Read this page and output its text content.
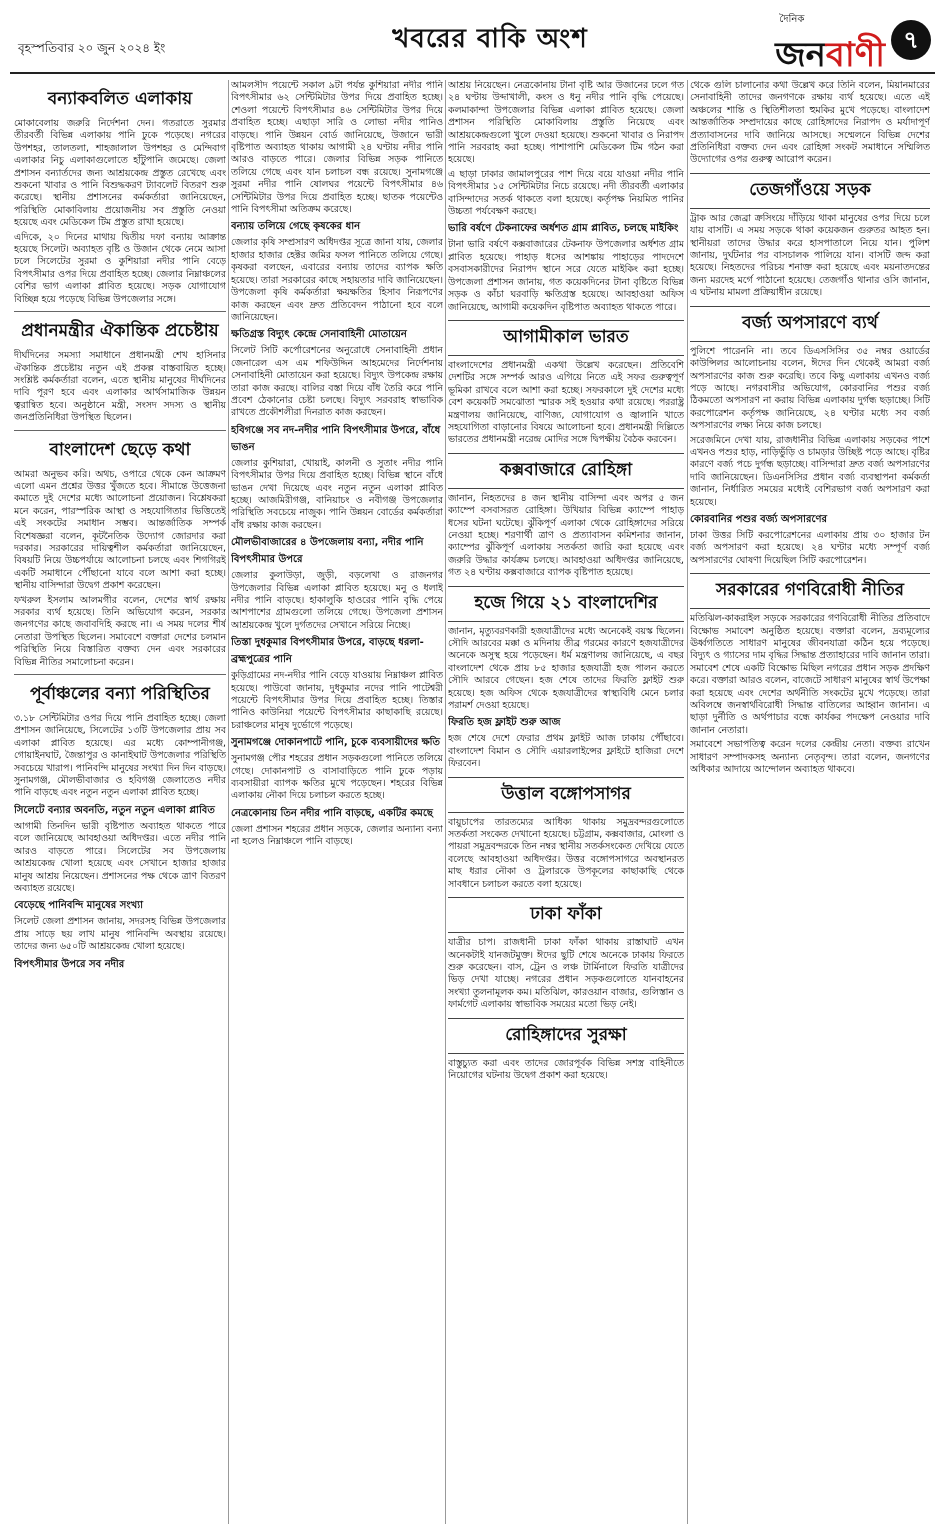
বৃহস্পতিবার ২০ জুন ২০২৪ ইং	খবরের বাকি অংশ
দৈনিক
জনবাণী ৭
বন্যাকবলিত এলাকায়

মোকাবেলায় জরুরি নির্দেশনা দেন। গতরাতে সুরমার তীরবর্তী বিভিন্ন এলাকায় পানি ঢুকে পড়েছে। নগরের উপশহর, তালতলা, শাহজালাল উপশহর ও মেন্দিবাগ এলাকার নিচু এলাকাগুলোতে হাঁটুপানি জমেছে। জেলা প্রশাসন বন্যার্তদের জন্য আশ্রয়কেন্দ্র প্রস্তুত রেখেছে এবং শুকনো খাবার ও পানি বিশুদ্ধকরণ ট্যাবলেট বিতরণ শুরু করেছে। স্থানীয় প্রশাসনের কর্মকর্তারা জানিয়েছেন, পরিস্থিতি মোকাবিলায় প্রয়োজনীয় সব প্রস্তুতি নেওয়া হয়েছে এবং মেডিকেল টিম প্রস্তুত রাখা হয়েছে।

এদিকে, ২০ দিনের মাথায় দ্বিতীয় দফা বন্যায় আক্রান্ত হয়েছে সিলেট। অব্যাহত বৃষ্টি ও উজান থেকে নেমে আসা ঢলে সিলেটের সুরমা ও কুশিয়ারা নদীর পানি বেড়ে বিপৎসীমার ওপর দিয়ে প্রবাহিত হচ্ছে। জেলার নিম্নাঞ্চলের বেশির ভাগ এলাকা প্লাবিত হয়েছে। সড়ক যোগাযোগ বিচ্ছিন্ন হয়ে পড়েছে বিভিন্ন উপজেলার সঙ্গে।

প্রধানমন্ত্রীর ঐকান্তিক প্রচেষ্টায়

দীর্ঘদিনের সমস্যা সমাধানে প্রধানমন্ত্রী শেখ হাসিনার ঐকান্তিক প্রচেষ্টায় নতুন এই প্রকল্প বাস্তবায়িত হচ্ছে। সংশ্লিষ্ট কর্মকর্তারা বলেন, এতে স্থানীয় মানুষের দীর্ঘদিনের দাবি পূরণ হবে এবং এলাকার আর্থসামাজিক উন্নয়ন ত্বরান্বিত হবে। অনুষ্ঠানে মন্ত্রী, সংসদ সদস্য ও স্থানীয় জনপ্রতিনিধিরা উপস্থিত ছিলেন।

বাংলাদেশ ছেড়ে কথা

আমরা অনুভব করি। অথচ, ওপারে থেকে কেন আক্রমণ এলো এমন প্রশ্নের উত্তর খুঁজতে হবে। সীমান্তে উত্তেজনা কমাতে দুই দেশের মধ্যে আলোচনা প্রয়োজন। বিশ্লেষকরা মনে করেন, পারস্পরিক আস্থা ও সহযোগিতার ভিত্তিতেই এই সংকটের সমাধান সম্ভব। আন্তর্জাতিক সম্পর্ক বিশেষজ্ঞরা বলেন, কূটনৈতিক উদ্যোগ জোরদার করা দরকার। সরকারের দায়িত্বশীল কর্মকর্তারা জানিয়েছেন, বিষয়টি নিয়ে উচ্চপর্যায়ে আলোচনা চলছে এবং শিগগিরই একটি সমাধানে পৌঁছানো যাবে বলে আশা করা হচ্ছে। স্থানীয় বাসিন্দারা উদ্বেগ প্রকাশ করেছেন।

ফখরুল ইসলাম আলমগীর বলেন, দেশের স্বার্থ রক্ষায় সরকার ব্যর্থ হয়েছে। তিনি অভিযোগ করেন, সরকার জনগণের কাছে জবাবদিহি করছে না। এ সময় দলের শীর্ষ নেতারা উপস্থিত ছিলেন। সমাবেশে বক্তারা দেশের চলমান পরিস্থিতি নিয়ে বিস্তারিত বক্তব্য দেন এবং সরকারের বিভিন্ন নীতির সমালোচনা করেন।

পূর্বাঞ্চলের বন্যা পরিস্থিতির

৩.১৮ সেন্টিমিটার ওপর দিয়ে পানি প্রবাহিত হচ্ছে। জেলা প্রশাসন জানিয়েছে, সিলেটের ১৩টি উপজেলার প্রায় সব এলাকা প্লাবিত হয়েছে। এর মধ্যে কোম্পানীগঞ্জ, গোয়াইনঘাট, জৈন্তাপুর ও কানাইঘাট উপজেলার পরিস্থিতি সবচেয়ে খারাপ। পানিবন্দি মানুষের সংখ্যা দিন দিন বাড়ছে। সুনামগঞ্জ, মৌলভীবাজার ও হবিগঞ্জ জেলাতেও নদীর পানি বাড়ছে এবং নতুন নতুন এলাকা প্লাবিত হচ্ছে।

সিলেটে বন্যার অবনতি, নতুন নতুন এলাকা প্লাবিত

আগামী তিনদিন ভারী বৃষ্টিপাত অব্যাহত থাকতে পারে বলে জানিয়েছে আবহাওয়া অধিদপ্তর। এতে নদীর পানি আরও বাড়তে পারে। সিলেটের সব উপজেলায় আশ্রয়কেন্দ্র খোলা হয়েছে এবং সেখানে হাজার হাজার মানুষ আশ্রয় নিয়েছেন। প্রশাসনের পক্ষ থেকে ত্রাণ বিতরণ অব্যাহত রয়েছে।

বেড়েছে পানিবন্দি মানুষের সংখ্যা

সিলেট জেলা প্রশাসন জানায়, সদরসহ বিভিন্ন উপজেলার প্রায় সাড়ে ছয় লাখ মানুষ পানিবন্দি অবস্থায় রয়েছে। তাদের জন্য ৬৫০টি আশ্রয়কেন্দ্র খোলা হয়েছে।

বিপৎসীমার উপরে সব নদীর

আমলসীদ পয়েন্টে সকাল ৯টা পর্যন্ত কুশিয়ারা নদীর পানি বিপৎসীমার ৬২ সেন্টিমিটার উপর দিয়ে প্রবাহিত হচ্ছে। শেওলা পয়েন্টে বিপৎসীমার ৪৬ সেন্টিমিটার উপর দিয়ে প্রবাহিত হচ্ছে। এছাড়া সারি ও লোভা নদীর পানিও বাড়ছে। পানি উন্নয়ন বোর্ড জানিয়েছে, উজানে ভারী বৃষ্টিপাত অব্যাহত থাকায় আগামী ২৪ ঘণ্টায় নদীর পানি আরও বাড়তে পারে। জেলার বিভিন্ন সড়ক পানিতে তলিয়ে গেছে এবং যান চলাচল বন্ধ রয়েছে। সুনামগঞ্জে সুরমা নদীর পানি ষোলঘর পয়েন্টে বিপৎসীমার ৪৬ সেন্টিমিটার উপর দিয়ে প্রবাহিত হচ্ছে। ছাতক পয়েন্টেও পানি বিপৎসীমা অতিক্রম করেছে।

বন্যায় তলিয়ে গেছে কৃষকের ধান

জেলার কৃষি সম্প্রসারণ অধিদপ্তর সূত্রে জানা যায়, জেলার হাজার হাজার হেক্টর জমির ফসল পানিতে তলিয়ে গেছে। কৃষকরা বলছেন, এবারের বন্যায় তাদের ব্যাপক ক্ষতি হয়েছে। তারা সরকারের কাছে সহায়তার দাবি জানিয়েছেন। উপজেলা কৃষি কর্মকর্তারা ক্ষয়ক্ষতির হিসাব নিরূপণের কাজ করছেন এবং দ্রুত প্রতিবেদন পাঠানো হবে বলে জানিয়েছেন।

ক্ষতিগ্রস্ত বিদ্যুৎ কেন্দ্রে সেনাবাহিনী মোতায়েন

সিলেট সিটি কর্পোরেশনের অনুরোধে সেনাবাহিনী প্রধান জেনারেল এস এম শফিউদ্দিন আহমেদের নির্দেশনায় সেনাবাহিনী মোতায়েন করা হয়েছে। বিদ্যুৎ উপকেন্দ্র রক্ষায় তারা কাজ করছে। বালির বস্তা দিয়ে বাঁধ তৈরি করে পানি প্রবেশ ঠেকানোর চেষ্টা চলছে। বিদ্যুৎ সরবরাহ স্বাভাবিক রাখতে প্রকৌশলীরা দিনরাত কাজ করছেন।

হবিগঞ্জে সব নদ-নদীর পানি বিপৎসীমার উপরে, বাঁধে ভাঙন

জেলার কুশিয়ারা, খোয়াই, কালনী ও সুতাং নদীর পানি বিপৎসীমার উপর দিয়ে প্রবাহিত হচ্ছে। বিভিন্ন স্থানে বাঁধে ভাঙন দেখা দিয়েছে এবং নতুন নতুন এলাকা প্লাবিত হচ্ছে। আজমিরীগঞ্জ, বানিয়াচং ও নবীগঞ্জ উপজেলার পরিস্থিতি সবচেয়ে নাজুক। পানি উন্নয়ন বোর্ডের কর্মকর্তারা বাঁধ রক্ষায় কাজ করছেন।

মৌলভীবাজারের ৪ উপজেলায় বন্যা, নদীর পানি বিপৎসীমার উপরে

জেলার কুলাউড়া, জুড়ী, বড়লেখা ও রাজনগর উপজেলার বিভিন্ন এলাকা প্লাবিত হয়েছে। মনু ও ধলাই নদীর পানি বাড়ছে। হাকালুকি হাওরের পানি বৃদ্ধি পেয়ে আশপাশের গ্রামগুলো তলিয়ে গেছে। উপজেলা প্রশাসন আশ্রয়কেন্দ্র খুলে দুর্গতদের সেখানে সরিয়ে নিচ্ছে।

তিস্তা দুধকুমার বিপৎসীমার উপরে, বাড়ছে ধরলা-ব্রহ্মপুত্রের পানি

কুড়িগ্রামের নদ-নদীর পানি বেড়ে যাওয়ায় নিম্নাঞ্চল প্লাবিত হয়েছে। পাউবো জানায়, দুধকুমার নদের পানি পাটেশ্বরী পয়েন্টে বিপৎসীমার উপর দিয়ে প্রবাহিত হচ্ছে। তিস্তার পানিও কাউনিয়া পয়েন্টে বিপৎসীমার কাছাকাছি রয়েছে। চরাঞ্চলের মানুষ দুর্ভোগে পড়েছে।

সুনামগঞ্জে দোকানপাটে পানি, চুকে ব্যবসায়ীদের ক্ষতি

সুনামগঞ্জ পৌর শহরের প্রধান সড়কগুলো পানিতে তলিয়ে গেছে। দোকানপাট ও বাসাবাড়িতে পানি ঢুকে পড়ায় ব্যবসায়ীরা ব্যাপক ক্ষতির মুখে পড়েছেন। শহরের বিভিন্ন এলাকায় নৌকা দিয়ে চলাচল করতে হচ্ছে।

নেত্রকোনায় তিন নদীর পানি বাড়ছে, একটির কমছে

জেলা প্রশাসন শহরের প্রধান সড়কে, জেলার অন্যান্য বন্যা না হলেও নিম্নাঞ্চলে পানি বাড়ছে।

আশ্রয় নিয়েছেন। নেত্রকোনায় টানা বৃষ্টি আর উজানের ঢলে গত ২৪ ঘণ্টায় উব্দাখালী, কংস ও ধনু নদীর পানি বৃদ্ধি পেয়েছে। কলমাকান্দা উপজেলার বিভিন্ন এলাকা প্লাবিত হয়েছে। জেলা প্রশাসন পরিস্থিতি মোকাবিলায় প্রস্তুতি নিয়েছে এবং আশ্রয়কেন্দ্রগুলো খুলে দেওয়া হয়েছে। শুকনো খাবার ও নিরাপদ পানি সরবরাহ করা হচ্ছে। পাশাপাশি মেডিকেল টিম গঠন করা হয়েছে।

এ ছাড়া ঢাকার জামালপুরের পাশ দিয়ে বয়ে যাওয়া নদীর পানি বিপৎসীমার ১৫ সেন্টিমিটার নিচে রয়েছে। নদী তীরবর্তী এলাকার বাসিন্দাদের সতর্ক থাকতে বলা হয়েছে। কর্তৃপক্ষ নিয়মিত পানির উচ্চতা পর্যবেক্ষণ করছে।

ভারি বর্ষণে টেকনাফের অর্ধশত গ্রাম প্লাবিত, চলছে মাইকিং

টানা ভারি বর্ষণে কক্সবাজারের টেকনাফ উপজেলার অর্ধশত গ্রাম প্লাবিত হয়েছে। পাহাড় ধসের আশঙ্কায় পাহাড়ের পাদদেশে বসবাসকারীদের নিরাপদ স্থানে সরে যেতে মাইকিং করা হচ্ছে। উপজেলা প্রশাসন জানায়, গত কয়েকদিনের টানা বৃষ্টিতে বিভিন্ন সড়ক ও কাঁচা ঘরবাড়ি ক্ষতিগ্রস্ত হয়েছে। আবহাওয়া অফিস জানিয়েছে, আগামী কয়েকদিন বৃষ্টিপাত অব্যাহত থাকতে পারে।

আগামীকাল ভারত

বাংলাদেশের প্রধানমন্ত্রী একথা উল্লেখ করেছেন। প্রতিবেশি দেশটির সঙ্গে সম্পর্ক আরও এগিয়ে নিতে এই সফর গুরুত্বপূর্ণ ভূমিকা রাখবে বলে আশা করা হচ্ছে। সফরকালে দুই দেশের মধ্যে বেশ কয়েকটি সমঝোতা স্মারক সই হওয়ার কথা রয়েছে। পররাষ্ট্র মন্ত্রণালয় জানিয়েছে, বাণিজ্য, যোগাযোগ ও জ্বালানি খাতে সহযোগিতা বাড়ানোর বিষয়ে আলোচনা হবে। প্রধানমন্ত্রী দিল্লিতে ভারতের প্রধানমন্ত্রী নরেন্দ্র মোদির সঙ্গে দ্বিপক্ষীয় বৈঠক করবেন।

কক্সবাজারে রোহিঙ্গা

জানান, নিহতদের ৪ জন স্থানীয় বাসিন্দা এবং অপর ৫ জন ক্যাম্পে বসবাসরত রোহিঙ্গা। উখিয়ার বিভিন্ন ক্যাম্পে পাহাড় ধসের ঘটনা ঘটেছে। ঝুঁকিপূর্ণ এলাকা থেকে রোহিঙ্গাদের সরিয়ে নেওয়া হচ্ছে। শরণার্থী ত্রাণ ও প্রত্যাবাসন কমিশনার জানান, ক্যাম্পের ঝুঁকিপূর্ণ এলাকায় সতর্কতা জারি করা হয়েছে এবং জরুরি উদ্ধার কার্যক্রম চলছে। আবহাওয়া অধিদপ্তর জানিয়েছে, গত ২৪ ঘণ্টায় কক্সবাজারে ব্যাপক বৃষ্টিপাত হয়েছে।

হজে গিয়ে ২১ বাংলাদেশির

জানান, মৃত্যুবরণকারী হজযাত্রীদের মধ্যে অনেকেই বয়স্ক ছিলেন। সৌদি আরবের মক্কা ও মদিনায় তীব্র গরমের কারণে হজযাত্রীদের অনেকে অসুস্থ হয়ে পড়েছেন। ধর্ম মন্ত্রণালয় জানিয়েছে, এ বছর বাংলাদেশ থেকে প্রায় ৮৫ হাজার হজযাত্রী হজ পালন করতে সৌদি আরবে গেছেন। হজ শেষে তাদের ফিরতি ফ্লাইট শুরু হয়েছে। হজ অফিস থেকে হজযাত্রীদের স্বাস্থ্যবিধি মেনে চলার পরামর্শ দেওয়া হয়েছে।

ফিরতি হজ ফ্লাইট শুরু আজ

হজ শেষে দেশে ফেরার প্রথম ফ্লাইট আজ ঢাকায় পৌঁছাবে। বাংলাদেশ বিমান ও সৌদি এয়ারলাইন্সের ফ্লাইটে হাজিরা দেশে ফিরবেন।

উত্তাল বঙ্গোপসাগর

বায়ুচাপের তারতম্যের আধিক্য থাকায় সমুদ্রবন্দরগুলোতে সতর্কতা সংকেত দেখানো হয়েছে। চট্টগ্রাম, কক্সবাজার, মোংলা ও পায়রা সমুদ্রবন্দরকে তিন নম্বর স্থানীয় সতর্কসংকেত দেখিয়ে যেতে বলেছে আবহাওয়া অধিদপ্তর। উত্তর বঙ্গোপসাগরে অবস্থানরত মাছ ধরার নৌকা ও ট্রলারকে উপকূলের কাছাকাছি থেকে সাবধানে চলাচল করতে বলা হয়েছে।

ঢাকা ফাঁকা

যাত্রীর চাপ। রাজধানী ঢাকা ফাঁকা থাকায় রাস্তাঘাট এখন অনেকটাই যানজটমুক্ত। ঈদের ছুটি শেষে অনেকে ঢাকায় ফিরতে শুরু করেছেন। বাস, ট্রেন ও লঞ্চ টার্মিনালে ফিরতি যাত্রীদের ভিড় দেখা যাচ্ছে। নগরের প্রধান সড়কগুলোতে যানবাহনের সংখ্যা তুলনামূলক কম। মতিঝিল, কারওয়ান বাজার, গুলিস্তান ও ফার্মগেট এলাকায় স্বাভাবিক সময়ের মতো ভিড় নেই।

রোহিঙ্গাদের সুরক্ষা

বাস্তুচ্যুত করা এবং তাদের জোরপূর্বক বিভিন্ন সশস্ত্র বাহিনীতে নিয়োগের ঘটনায় উদ্বেগ প্রকাশ করা হয়েছে।

থেকে গুলি চালানোর কথা উল্লেখ করে তিনি বলেন, মিয়ানমারের সেনাবাহিনী তাদের জনগণকে রক্ষায় ব্যর্থ হয়েছে। এতে এই অঞ্চলের শান্তি ও স্থিতিশীলতা হুমকির মুখে পড়েছে। বাংলাদেশ আন্তর্জাতিক সম্প্রদায়ের কাছে রোহিঙ্গাদের নিরাপদ ও মর্যাদাপূর্ণ প্রত্যাবাসনের দাবি জানিয়ে আসছে। সম্মেলনে বিভিন্ন দেশের প্রতিনিধিরা বক্তব্য দেন এবং রোহিঙ্গা সংকট সমাধানে সম্মিলিত উদ্যোগের ওপর গুরুত্ব আরোপ করেন।

তেজগাঁওয়ে সড়ক

ট্রাক আর জেব্রা ক্রসিংয়ে দাঁড়িয়ে থাকা মানুষের ওপর দিয়ে চলে যায় বাসটি। এ সময় সড়কে থাকা কয়েকজন গুরুতর আহত হন। স্থানীয়রা তাদের উদ্ধার করে হাসপাতালে নিয়ে যান। পুলিশ জানায়, দুর্ঘটনার পর বাসচালক পালিয়ে যান। বাসটি জব্দ করা হয়েছে। নিহতদের পরিচয় শনাক্ত করা হয়েছে এবং ময়নাতদন্তের জন্য মরদেহ মর্গে পাঠানো হয়েছে। তেজগাঁও থানার ওসি জানান, এ ঘটনায় মামলা প্রক্রিয়াধীন রয়েছে।

বর্জ্য অপসারণে ব্যর্থ

পুলিশে পারেননি না। তবে ডিএসসিসির ৩৫ নম্বর ওয়ার্ডের কাউন্সিলর আলোচনায় বলেন, ঈদের দিন থেকেই আমরা বর্জ্য অপসারণের কাজ শুরু করেছি। তবে কিছু এলাকায় এখনও বর্জ্য পড়ে আছে। নগরবাসীর অভিযোগ, কোরবানির পশুর বর্জ্য ঠিকমতো অপসারণ না করায় বিভিন্ন এলাকায় দুর্গন্ধ ছড়াচ্ছে। সিটি করপোরেশন কর্তৃপক্ষ জানিয়েছে, ২৪ ঘণ্টার মধ্যে সব বর্জ্য অপসারণের লক্ষ্য নিয়ে কাজ চলছে।

সরেজমিনে দেখা যায়, রাজধানীর বিভিন্ন এলাকায় সড়কের পাশে এখনও পশুর হাড়, নাড়িভুঁড়ি ও চামড়ার উচ্ছিষ্ট পড়ে আছে। বৃষ্টির কারণে বর্জ্য পচে দুর্গন্ধ ছড়াচ্ছে। বাসিন্দারা দ্রুত বর্জ্য অপসারণের দাবি জানিয়েছেন। ডিএনসিসির প্রধান বর্জ্য ব্যবস্থাপনা কর্মকর্তা জানান, নির্ধারিত সময়ের মধ্যেই বেশিরভাগ বর্জ্য অপসারণ করা হয়েছে।

কোরবানির পশুর বর্জ্য অপসারণের

ঢাকা উত্তর সিটি করপোরেশনের এলাকায় প্রায় ৩০ হাজার টন বর্জ্য অপসারণ করা হয়েছে। ২৪ ঘণ্টার মধ্যে সম্পূর্ণ বর্জ্য অপসারণের ঘোষণা দিয়েছিল সিটি করপোরেশন।

সরকারের গণবিরোধী নীতির

মতিঝিল-কাকরাইল সড়কে সরকারের গণবিরোধী নীতির প্রতিবাদে বিক্ষোভ সমাবেশ অনুষ্ঠিত হয়েছে। বক্তারা বলেন, দ্রব্যমূল্যের ঊর্ধ্বগতিতে সাধারণ মানুষের জীবনযাত্রা কঠিন হয়ে পড়েছে। বিদ্যুৎ ও গ্যাসের দাম বৃদ্ধির সিদ্ধান্ত প্রত্যাহারের দাবি জানান তারা। সমাবেশ শেষে একটি বিক্ষোভ মিছিল নগরের প্রধান সড়ক প্রদক্ষিণ করে। বক্তারা আরও বলেন, বাজেটে সাধারণ মানুষের স্বার্থ উপেক্ষা করা হয়েছে এবং দেশের অর্থনীতি সংকটের মুখে পড়েছে। তারা অবিলম্বে জনস্বার্থবিরোধী সিদ্ধান্ত বাতিলের আহ্বান জানান। এ ছাড়া দুর্নীতি ও অর্থপাচার বন্ধে কার্যকর পদক্ষেপ নেওয়ার দাবি জানান নেতারা।

সমাবেশে সভাপতিত্ব করেন দলের কেন্দ্রীয় নেতা। বক্তব্য রাখেন সাধারণ সম্পাদকসহ অন্যান্য নেতৃবৃন্দ। তারা বলেন, জনগণের অধিকার আদায়ে আন্দোলন অব্যাহত থাকবে।
